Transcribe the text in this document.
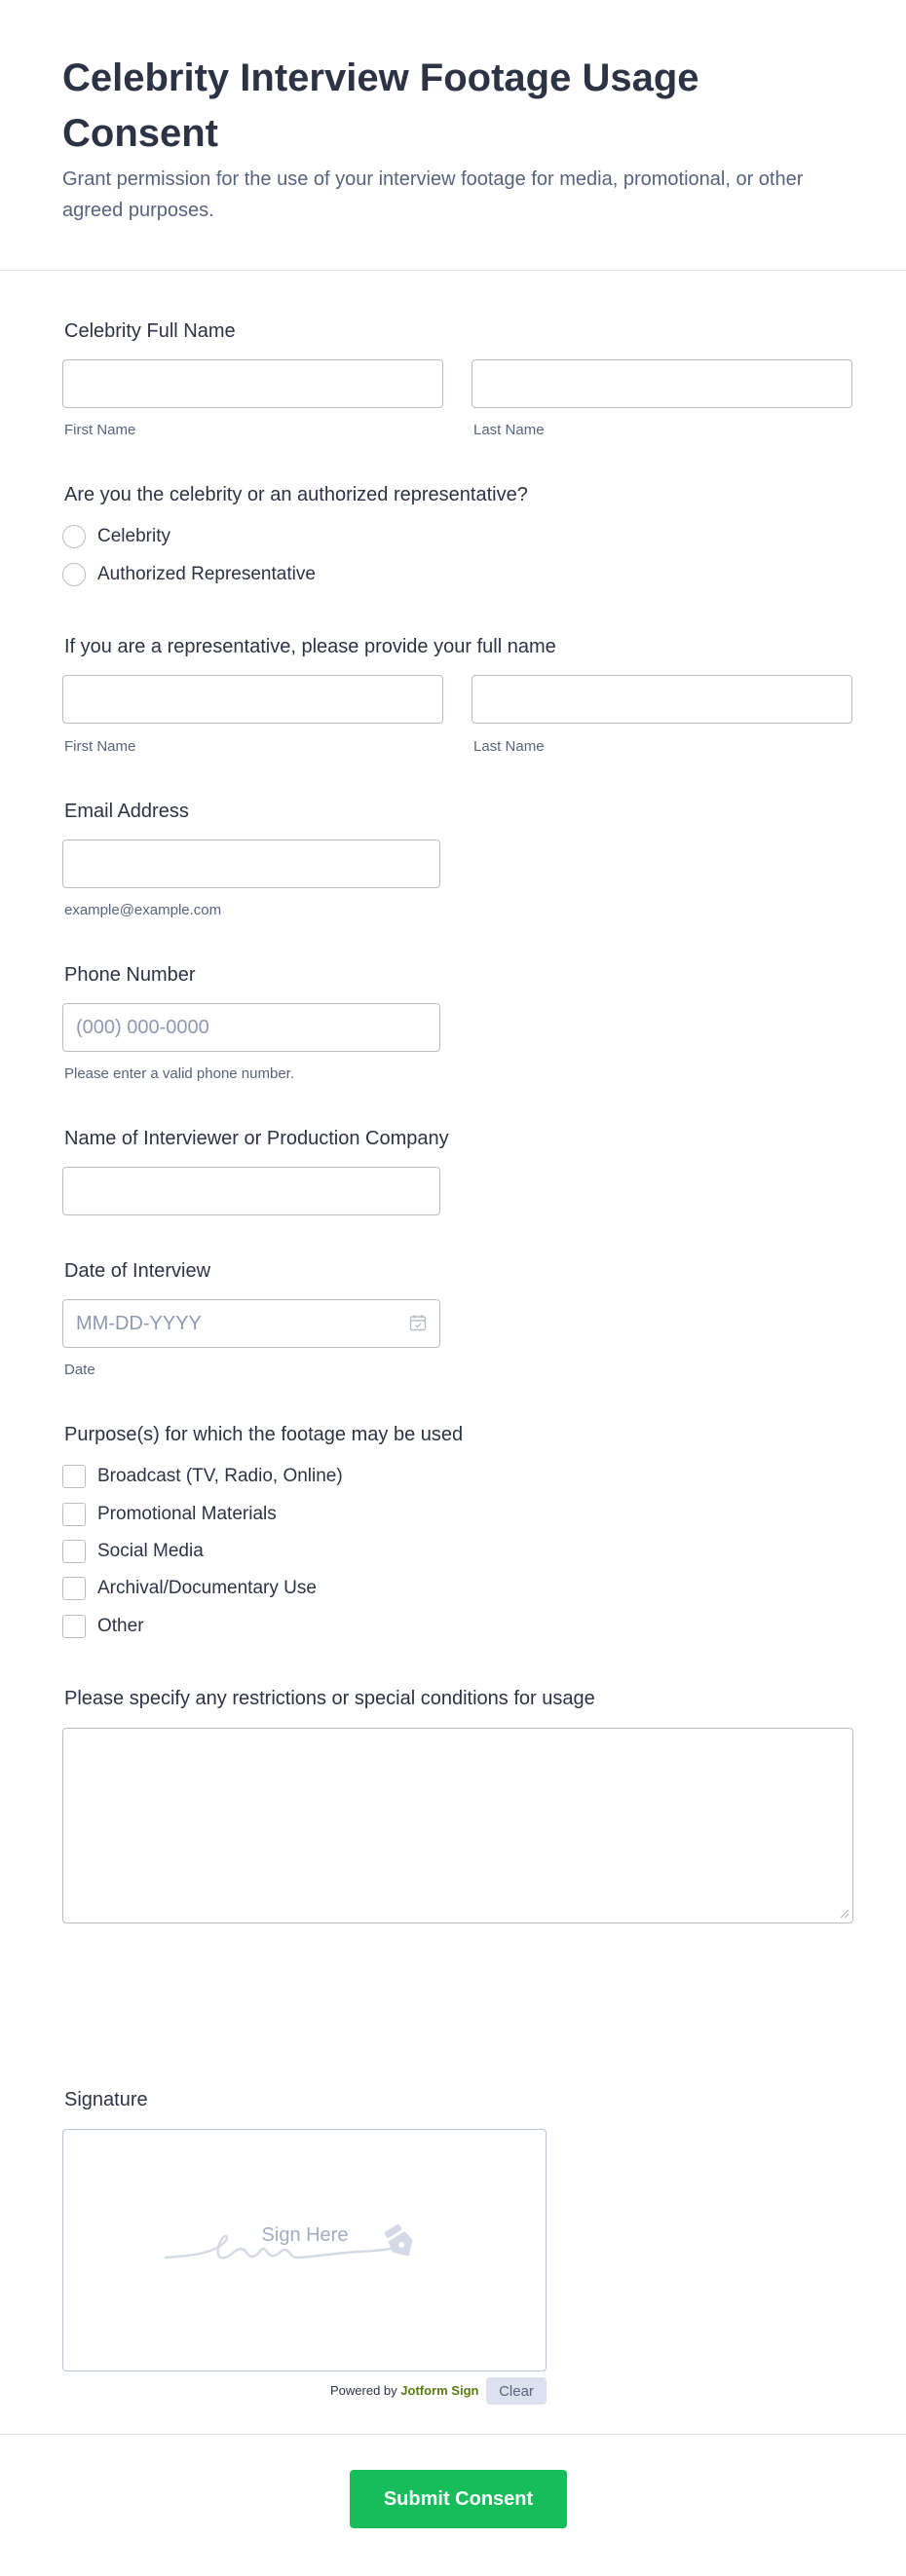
Celebrity Interview Footage Usage Consent

Grant permission for the use of your interview footage for media, promotional, or other agreed purposes.

Celebrity Full Name
First Name	Last Name
Are you the celebrity or an authorized representative?
Celebrity
Authorized Representative
If you are a representative, please provide your full name
First Name	Last Name
Email Address
example@example.com
Phone Number
(000) 000-0000
Please enter a valid phone number.
Name of Interviewer or Production Company
Date of Interview
MM-DD-YYYY
Date
Purpose(s) for which the footage may be used
Broadcast (TV, Radio, Online)
Promotional Materials
Social Media
Archival/Documentary Use
Other
Please specify any restrictions or special conditions for usage
Signature
Sign Here
Powered by Jotform Sign	Clear
Submit Consent
